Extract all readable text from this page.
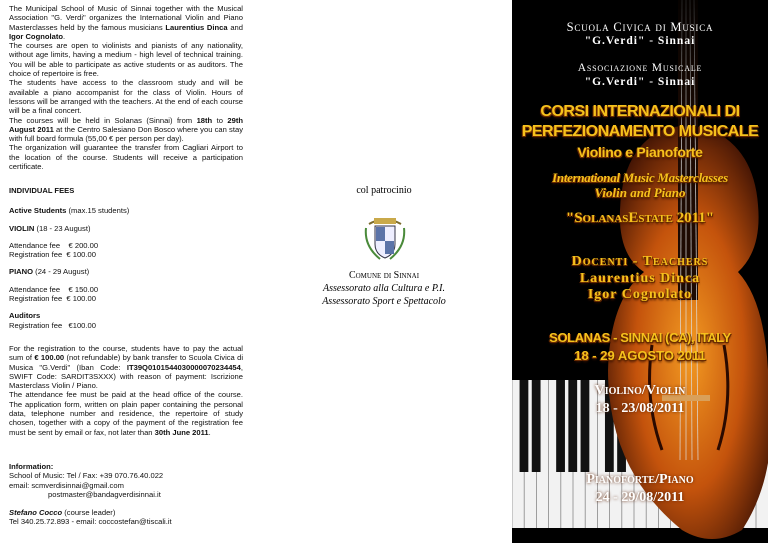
The Municipal School of Music of Sinnai together with the Musical Association "G. Verdi" organizes the International Violin and Piano Masterclasses held by the famous musicians Laurentius Dinca and Igor Cognolato.

The courses are open to violinists and pianists of any nationality, without age limits, having a medium - high level of technical training. You will be able to participate as active students or as auditors. The choice of repertoire is free.

The students have access to the classroom study and will be available a piano accompanist for the class of Violin. Hours of lessons will be arranged with the teachers. At the end of each course will be a final concert.

The courses will be held in Solanas (Sinnai) from 18th to 29th August 2011 at the Centro Salesiano Don Bosco where you can stay with full board formula (55,00 € per person per day).

The organization will guarantee the transfer from Cagliari Airport to the location of the course. Students will receive a participation certificate.

INDIVIDUAL FEES

Active Students (max.15 students)

VIOLIN (18 - 23 August)

Attendance fee    € 200.00

Registration fee  € 100.00

PIANO (24 - 29 August)

Attendance fee    € 150.00

Registration fee  € 100.00

Auditors

Registration fee   €100.00

For the registration to the course, students have to pay the actual sum of € 100.00 (not refundable) by bank transfer to Scuola Civica di Musica "G.Verdi" (Iban Code: IT39Q0101544030000070234454, SWIFT Code: SARDIT3SXXX) with reason of payment: Iscrizione Masterclass Violin / Piano.

The attendance fee must be paid at the head office of the course. The application form, written on plain paper containing the personal data, telephone number and residence, the repertoire of study chosen, together with a copy of the payment of the registration fee must be sent by email or fax, not later than 30th June 2011.

Information:

School of Music: Tel / Fax: +39 070.76.40.022

email: scmverdisinnai@gmail.com

postmaster@bandagverdisinnai.it

Stefano Cocco (course leader)

Tel 340.25.72.893 - email: coccostefan@tiscali.it

col patrocinio
Comune di Sinnai
Assessorato alla Cultura e P.I.
Assessorato Sport e Spettacolo
Scuola Civica di Musica
"G.Verdi" - Sinnai
Associazione Musicale
"G.Verdi" - Sinnai
CORSI INTERNAZIONALI DI
PERFEZIONAMENTO MUSICALE
Violino e Pianoforte
International Music Masterclasses
Violin and Piano
"SolanasEstate 2011"
Docenti - Teachers
Laurentius Dinca
Igor Cognolato
SOLANAS - SINNAI (CA), ITALY
18 - 29 AGOSTO 2011
Violino/Violin
18 - 23/08/2011
Pianoforte/Piano
24 - 29/08/2011
